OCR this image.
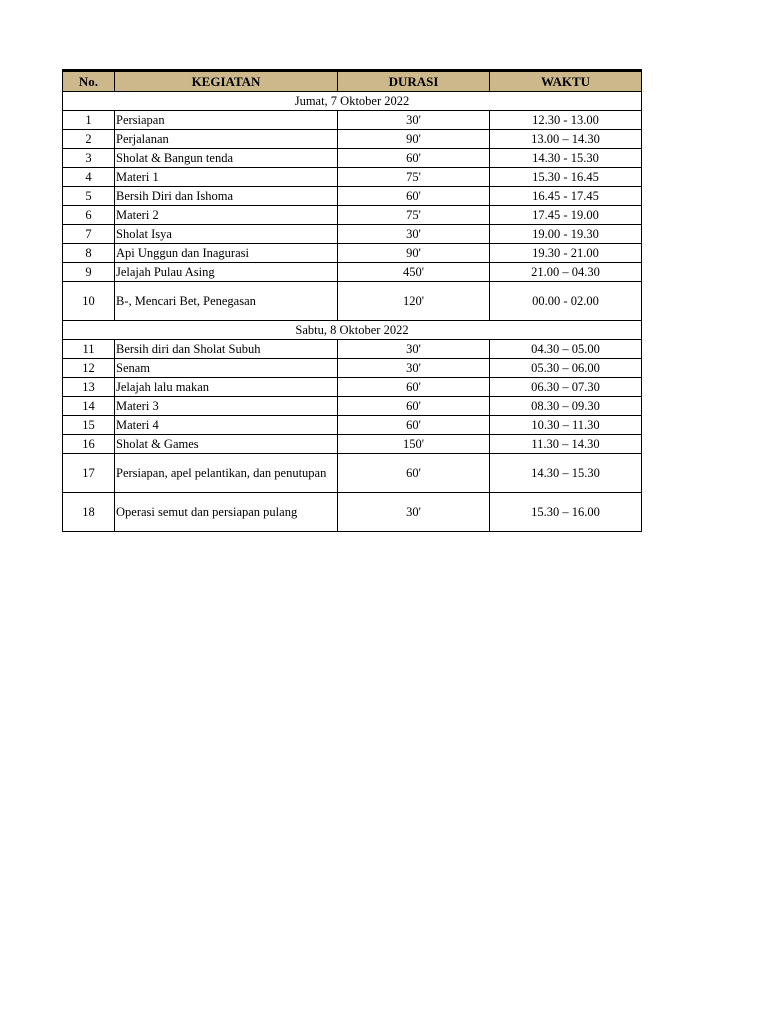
No.	KEGIATAN	DURASI	WAKTU
Jumat, 7 Oktober 2022			
1	Persiapan	30'	12.30 - 13.00
2	Perjalanan	90'	13.00 – 14.30
3	Sholat & Bangun tenda	60'	14.30 - 15.30
4	Materi 1	75'	15.30 - 16.45
5	Bersih Diri dan Ishoma	60'	16.45 - 17.45
6	Materi 2	75'	17.45 - 19.00
7	Sholat Isya	30'	19.00 - 19.30
8	Api Unggun dan Inagurasi	90'	19.30 - 21.00
9	Jelajah Pulau Asing	450'	21.00 – 04.30
10	B-, Mencari Bet, Penegasan	120'	00.00 - 02.00
Sabtu, 8 Oktober 2022			
11	Bersih diri dan Sholat Subuh	30'	04.30 – 05.00
12	Senam	30'	05.30 – 06.00
13	Jelajah lalu makan	60'	06.30 – 07.30
14	Materi 3	60'	08.30 – 09.30
15	Materi 4	60'	10.30 – 11.30
16	Sholat & Games	150'	11.30 – 14.30
17	Persiapan, apel pelantikan, dan penutupan	60'	14.30 – 15.30
18	Operasi semut dan persiapan pulang	30'	15.30 – 16.00
